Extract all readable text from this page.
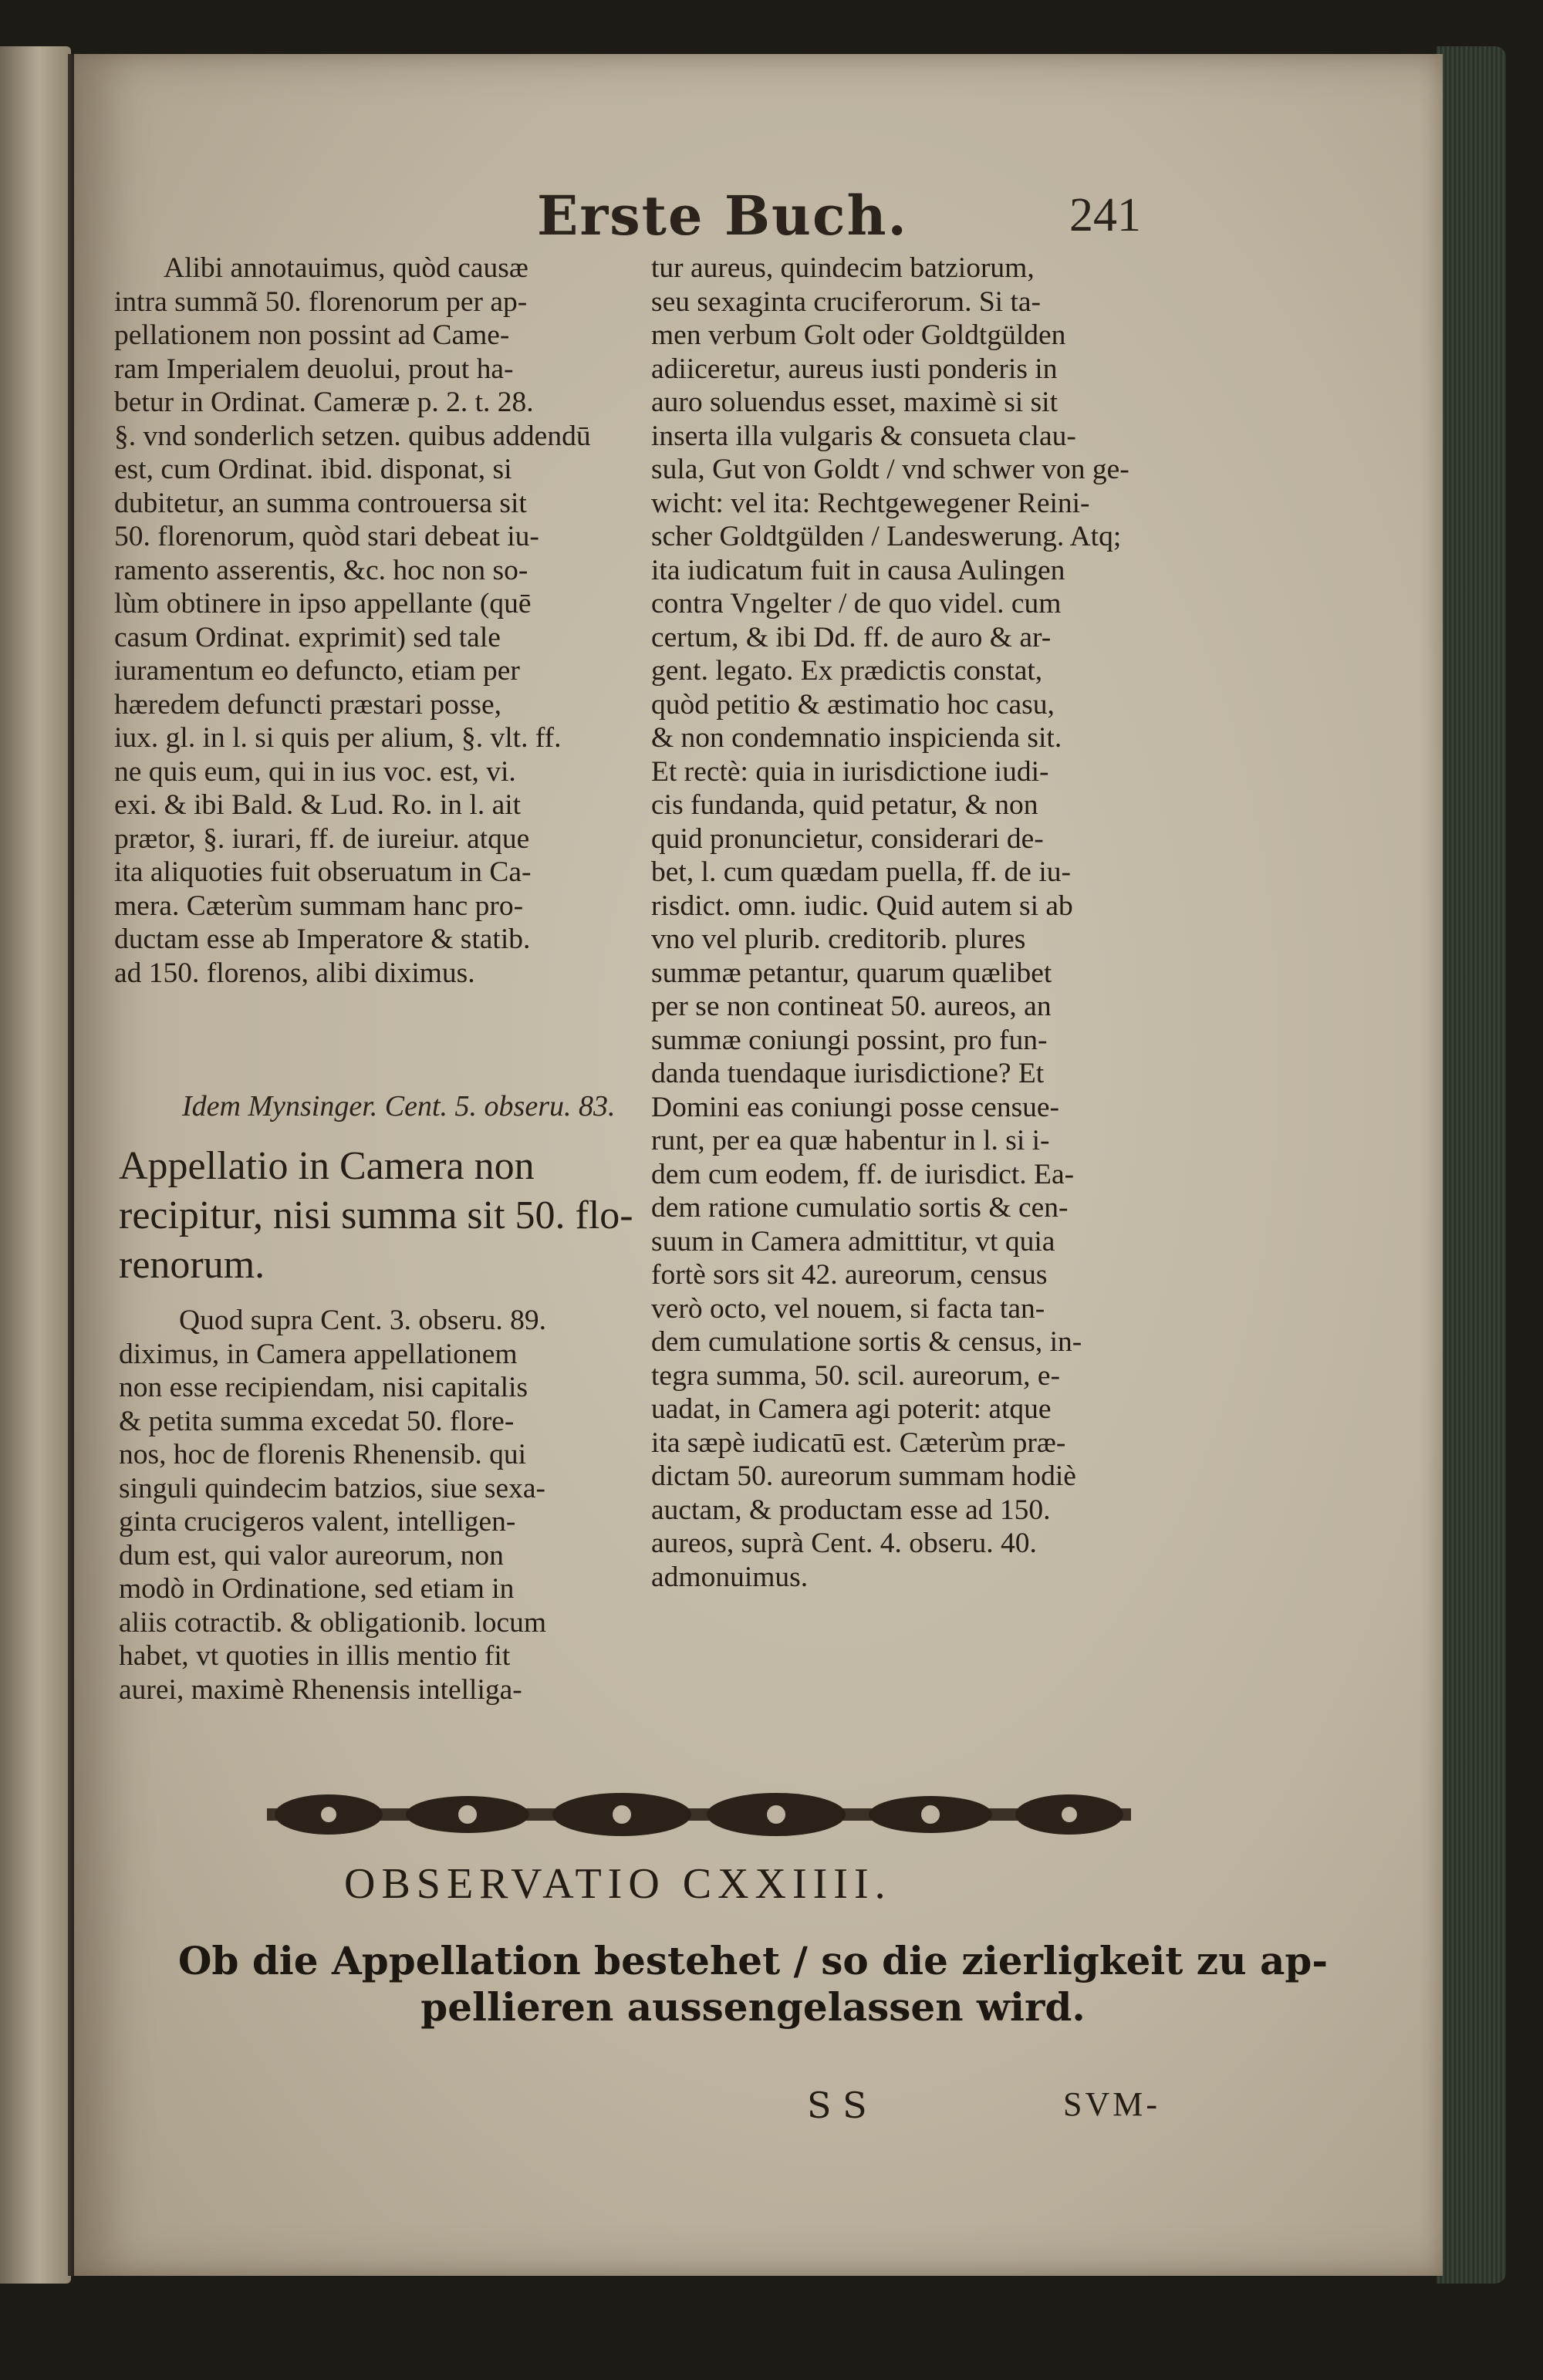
Erste Buch.	241
Alibi annotauimus, quòd causæ
intra summã 50. florenorum per ap-
pellationem non possint ad Came-
ram Imperialem deuolui, prout ha-
betur in Ordinat. Cameræ p. 2. t. 28.
§. vnd sonderlich setzen. quibus addendū
est, cum Ordinat. ibid. disponat, si
dubitetur, an summa controuersa sit
50. florenorum, quòd stari debeat iu-
ramento asserentis, &c. hoc non so-
lùm obtinere in ipso appellante (quē
casum Ordinat. exprimit) sed tale
iuramentum eo defuncto, etiam per
hæredem defuncti præstari posse,
iux. gl. in l. si quis per alium, §. vlt. ff.
ne quis eum, qui in ius voc. est, vi.
exi. & ibi Bald. & Lud. Ro. in l. ait
prætor, §. iurari, ff. de iureiur. atque
ita aliquoties fuit obseruatum in Ca-
mera. Cæterùm summam hanc pro-
ductam esse ab Imperatore & statib.
ad 150. florenos, alibi diximus.
Idem Mynsinger. Cent. 5. obseru. 83.
Appellatio in Camera non
recipitur, nisi summa sit 50. flo-
renorum.
Quod supra Cent. 3. obseru. 89.
diximus, in Camera appellationem
non esse recipiendam, nisi capitalis
& petita summa excedat 50. flore-
nos, hoc de florenis Rhenensib. qui
singuli quindecim batzios, siue sexa-
ginta crucigeros valent, intelligen-
dum est, qui valor aureorum, non
modò in Ordinatione, sed etiam in
aliis cotractib. & obligationib. locum
habet, vt quoties in illis mentio fit
aurei, maximè Rhenensis intelliga-
tur aureus, quindecim batziorum,
seu sexaginta cruciferorum. Si ta-
men verbum Golt oder Goldtgülden
adiiceretur, aureus iusti ponderis in
auro soluendus esset, maximè si sit
inserta illa vulgaris & consueta clau-
sula, Gut von Goldt / vnd schwer von ge-
wicht: vel ita: Rechtgewegener Reini-
scher Goldtgülden / Landeswerung. Atq;
ita iudicatum fuit in causa Aulingen
contra Vngelter / de quo videl. cum
certum, & ibi Dd. ff. de auro & ar-
gent. legato. Ex prædictis constat,
quòd petitio & æstimatio hoc casu,
& non condemnatio inspicienda sit.
Et rectè: quia in iurisdictione iudi-
cis fundanda, quid petatur, & non
quid pronuncietur, considerari de-
bet, l. cum quædam puella, ff. de iu-
risdict. omn. iudic. Quid autem si ab
vno vel plurib. creditorib. plures
summæ petantur, quarum quælibet
per se non contineat 50. aureos, an
summæ coniungi possint, pro fun-
danda tuendaque iurisdictione? Et
Domini eas coniungi posse censue-
runt, per ea quæ habentur in l. si i-
dem cum eodem, ff. de iurisdict. Ea-
dem ratione cumulatio sortis & cen-
suum in Camera admittitur, vt quia
fortè sors sit 42. aureorum, census
verò octo, vel nouem, si facta tan-
dem cumulatione sortis & census, in-
tegra summa, 50. scil. aureorum, e-
uadat, in Camera agi poterit: atque
ita sæpè iudicatū est. Cæterùm præ-
dictam 50. aureorum summam hodiè
auctam, & productam esse ad 150.
aureos, suprà Cent. 4. obseru. 40.
admonuimus.
OBSERVATIO CXXIIII.
Ob die Appellation bestehet / so die zierligkeit zu ap-
pellieren aussengelassen wird.
S S	SVM-
